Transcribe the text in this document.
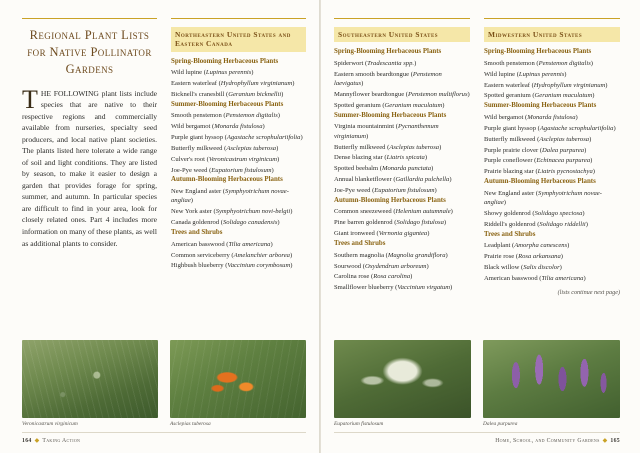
Regional Plant Lists
for Native Pollinator Gardens

THE FOLLOWING plant lists include species that are native to their respective regions and commercially available from nurseries, specialty seed producers, and local native plant societies. The plants listed here tolerate a wide range of soil and light conditions. They are listed by season, to make it easier to design a garden that provides forage for spring, summer, and autumn. In particular species are difficult to find in your area, look for closely related ones. Part 4 includes more information on many of these plants, as well as additional plants to consider.

Northeastern United States and Eastern Canada
Spring-Blooming Herbaceous Plants
Wild lupine (Lupinus perennis)
Eastern waterleaf (Hydrophyllum virginianum)
Bicknell's cranesbill (Geranium bicknellii)
Summer-Blooming Herbaceous Plants
Smooth penstemon (Penstemon digitalis)
Wild bergamot (Monarda fistulosa)
Purple giant hyssop (Agastache scrophulariifolia)
Butterfly milkweed (Asclepias tuberosa)
Culver's root (Veronicastrum virginicum)
Joe-Pye weed (Eupatorium fistulosum)
Autumn-Blooming Herbaceous Plants
New England aster (Symphyotrichum novae-angliae)
New York aster (Symphyotrichum novi-belgii)
Canada goldenrod (Solidago canadensis)
Trees and Shrubs
American basswood (Tilia americana)
Common serviceberry (Amelanchier arborea)
Highbush blueberry (Vaccinium corymbosum)
Veronicastrum virginicum	Asclepias tuberosa
164 ◆ Taking Action
Southeastern United States
Spring-Blooming Herbaceous Plants
Spiderwort (Tradescantia spp.)
Eastern smooth beardtongue (Penstemon laevigatus)
Mannyflower beardtongue (Penstemon multiflorus)
Spotted geranium (Geranium maculatum)
Summer-Blooming Herbaceous Plants
Virginia mountainmint (Pycnanthemum virginianum)
Butterfly milkweed (Asclepias tuberosa)
Dense blazing star (Liatris spicata)
Spotted beebalm (Monarda punctata)
Annual blanketflower (Gaillardia pulchella)
Joe-Pye weed (Eupatorium fistulosum)
Autumn-Blooming Herbaceous Plants
Common sneezeweed (Helenium autumnale)
Pine barren goldenrod (Solidago fistulosa)
Giant ironweed (Vernonia gigantea)
Trees and Shrubs
Southern magnolia (Magnolia grandiflora)
Sourwood (Oxydendrum arboreum)
Carolina rose (Rosa carolina)
Smallflower blueberry (Vaccinium virgatum)
Midwestern United States
Spring-Blooming Herbaceous Plants
Smooth penstemon (Penstemon digitalis)
Wild lupine (Lupinus perennis)
Eastern waterleaf (Hydrophyllum virginianum)
Spotted geranium (Geranium maculatum)
Summer-Blooming Herbaceous Plants
Wild bergamot (Monarda fistulosa)
Purple giant hyssop (Agastache scrophulariifolia)
Butterfly milkweed (Asclepias tuberosa)
Purple prairie clover (Dalea purpurea)
Purple coneflower (Echinacea purpurea)
Prairie blazing star (Liatris pycnostachya)
Autumn-Blooming Herbaceous Plants
New England aster (Symphyotrichum novae-angliae)
Showy goldenrod (Solidago speciosa)
Riddell's goldenrod (Solidago riddellii)
Trees and Shrubs
Leadplant (Amorpha canescens)
Prairie rose (Rosa arkansana)
Black willow (Salix discolor)
American basswood (Tilia americana)
(lists continue next page)
Eupatorium fistulosum	Dalea purpurea
Home, School, and Community Gardens ◆ 165
